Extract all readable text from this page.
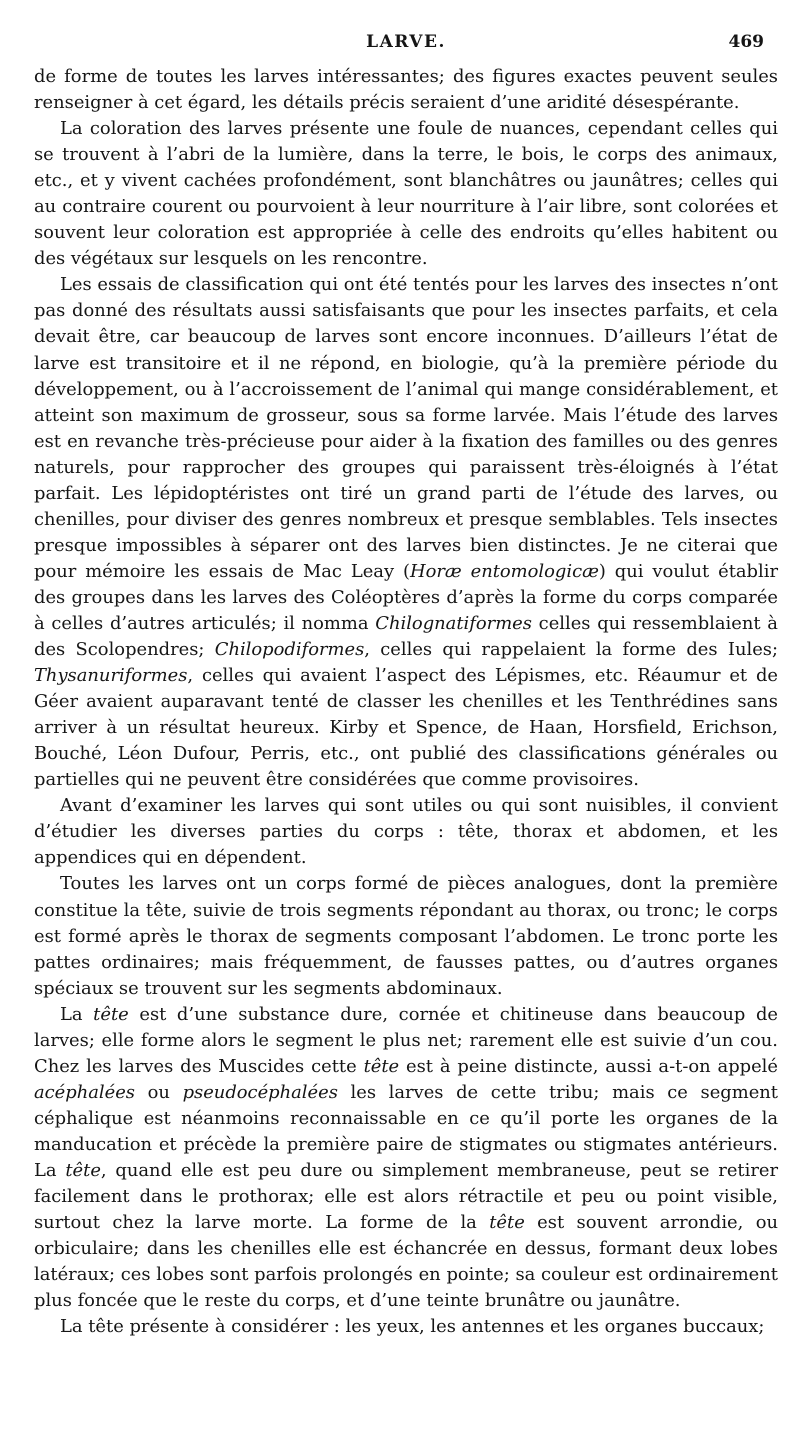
LARVE.	469

de forme de toutes les larves intéressantes; des figures exactes peuvent seules renseigner à cet égard, les détails précis seraient d’une aridité désespérante.

La coloration des larves présente une foule de nuances, cependant celles qui se trouvent à l’abri de la lumière, dans la terre, le bois, le corps des animaux, etc., et y vivent cachées profondément, sont blanchâtres ou jaunâtres; celles qui au contraire courent ou pourvoient à leur nourriture à l’air libre, sont colorées et souvent leur coloration est appropriée à celle des endroits qu’elles habitent ou des végétaux sur lesquels on les rencontre.

Les essais de classification qui ont été tentés pour les larves des insectes n’ont pas donné des résultats aussi satisfaisants que pour les insectes parfaits, et cela devait être, car beaucoup de larves sont encore inconnues. D’ailleurs l’état de larve est transitoire et il ne répond, en biologie, qu’à la première période du développement, ou à l’accroissement de l’animal qui mange considérablement, et atteint son maximum de grosseur, sous sa forme larvée. Mais l’étude des larves est en revanche très-précieuse pour aider à la fixation des familles ou des genres naturels, pour rapprocher des groupes qui paraissent très-éloignés à l’état parfait. Les lépidoptéristes ont tiré un grand parti de l’étude des larves, ou chenilles, pour diviser des genres nombreux et presque semblables. Tels insectes presque impossibles à séparer ont des larves bien distinctes. Je ne citerai que pour mémoire les essais de Mac Leay (Horæ entomologicæ) qui voulut établir des groupes dans les larves des Coléoptères d’après la forme du corps comparée à celles d’autres articulés; il nomma Chilognatiformes celles qui ressemblaient à des Scolopendres; Chilopodiformes, celles qui rappelaient la forme des Iules; Thysanuriformes, celles qui avaient l’aspect des Lépismes, etc. Réaumur et de Géer avaient auparavant tenté de classer les chenilles et les Tenthrédines sans arriver à un résultat heureux. Kirby et Spence, de Haan, Horsfield, Erichson, Bouché, Léon Dufour, Perris, etc., ont publié des classifications générales ou partielles qui ne peuvent être considérées que comme provisoires.

Avant d’examiner les larves qui sont utiles ou qui sont nuisibles, il convient d’étudier les diverses parties du corps : tête, thorax et abdomen, et les appendices qui en dépendent.

Toutes les larves ont un corps formé de pièces analogues, dont la première constitue la tête, suivie de trois segments répondant au thorax, ou tronc; le corps est formé après le thorax de segments composant l’abdomen. Le tronc porte les pattes ordinaires; mais fréquemment, de fausses pattes, ou d’autres organes spéciaux se trouvent sur les segments abdominaux.

La tête est d’une substance dure, cornée et chitineuse dans beaucoup de larves; elle forme alors le segment le plus net; rarement elle est suivie d’un cou. Chez les larves des Muscides cette tête est à peine distincte, aussi a-t-on appelé acéphalées ou pseudocéphalées les larves de cette tribu; mais ce segment céphalique est néanmoins reconnaissable en ce qu’il porte les organes de la manducation et précède la première paire de stigmates ou stigmates antérieurs. La tête, quand elle est peu dure ou simplement membraneuse, peut se retirer facilement dans le prothorax; elle est alors rétractile et peu ou point visible, surtout chez la larve morte. La forme de la tête est souvent arrondie, ou orbiculaire; dans les chenilles elle est échancrée en dessus, formant deux lobes latéraux; ces lobes sont parfois prolongés en pointe; sa couleur est ordinairement plus foncée que le reste du corps, et d’une teinte brunâtre ou jaunâtre.

La tête présente à considérer : les yeux, les antennes et les organes buccaux;
